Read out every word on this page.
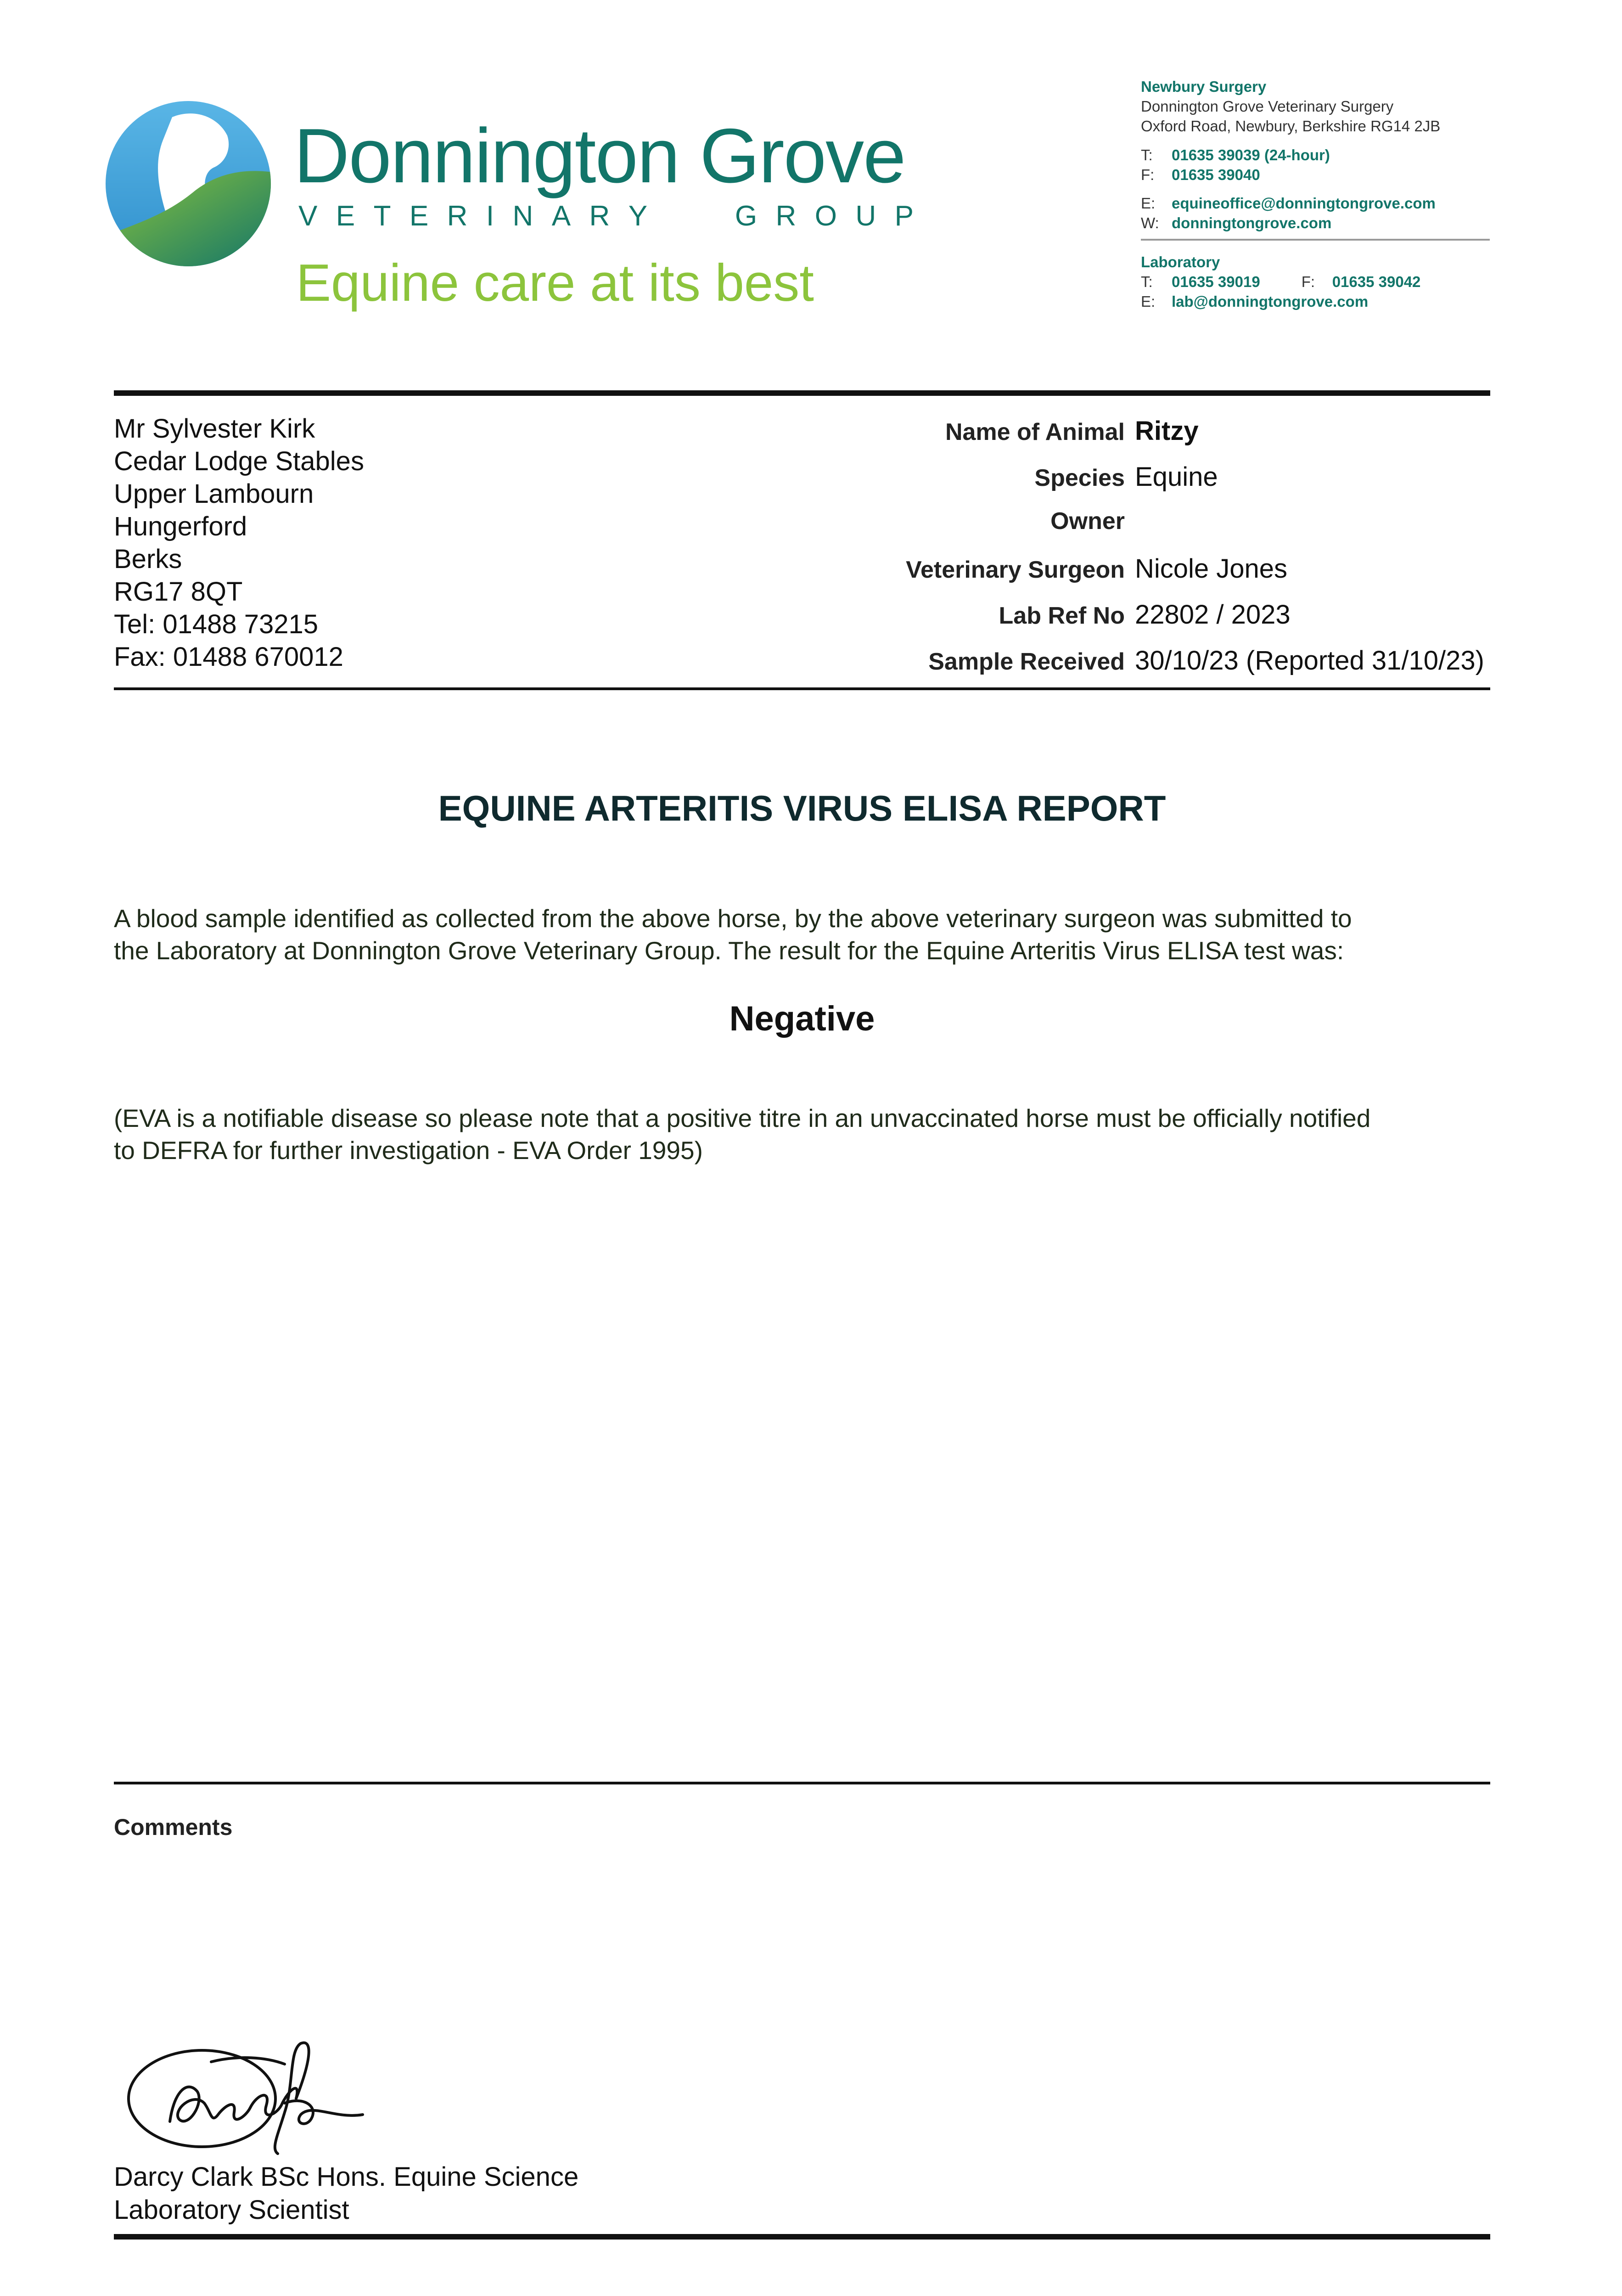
Donnington Grove
V E T E R I N A R Y	G R O U P
Equine care at its best
Newbury Surgery
Donnington Grove Veterinary Surgery
Oxford Road, Newbury, Berkshire RG14 2JB
T:	01635 39039 (24-hour)
F:	01635 39040
E:	equineoffice@donningtongrove.com
W: donningtongrove.com
Laboratory
T:	01635 39019	F:	01635 39042
E:	lab@donningtongrove.com
Mr Sylvester Kirk
Cedar Lodge Stables
Upper Lambourn
Hungerford
Berks
RG17 8QT
Tel: 01488 73215
Fax: 01488 670012
Name of Animal Ritzy
Species Equine
Owner
Veterinary Surgeon Nicole Jones
Lab Ref No 22802 / 2023
Sample Received 30/10/23 (Reported 31/10/23)
EQUINE ARTERITIS VIRUS ELISA REPORT
A blood sample identified as collected from the above horse, by the above veterinary surgeon was submitted to
the Laboratory at Donnington Grove Veterinary Group. The result for the Equine Arteritis Virus ELISA test was:
Negative
(EVA is a notifiable disease so please note that a positive titre in an unvaccinated horse must be officially notified
to DEFRA for further investigation - EVA Order 1995)
Comments
Darcy Clark BSc Hons. Equine Science
Laboratory Scientist
